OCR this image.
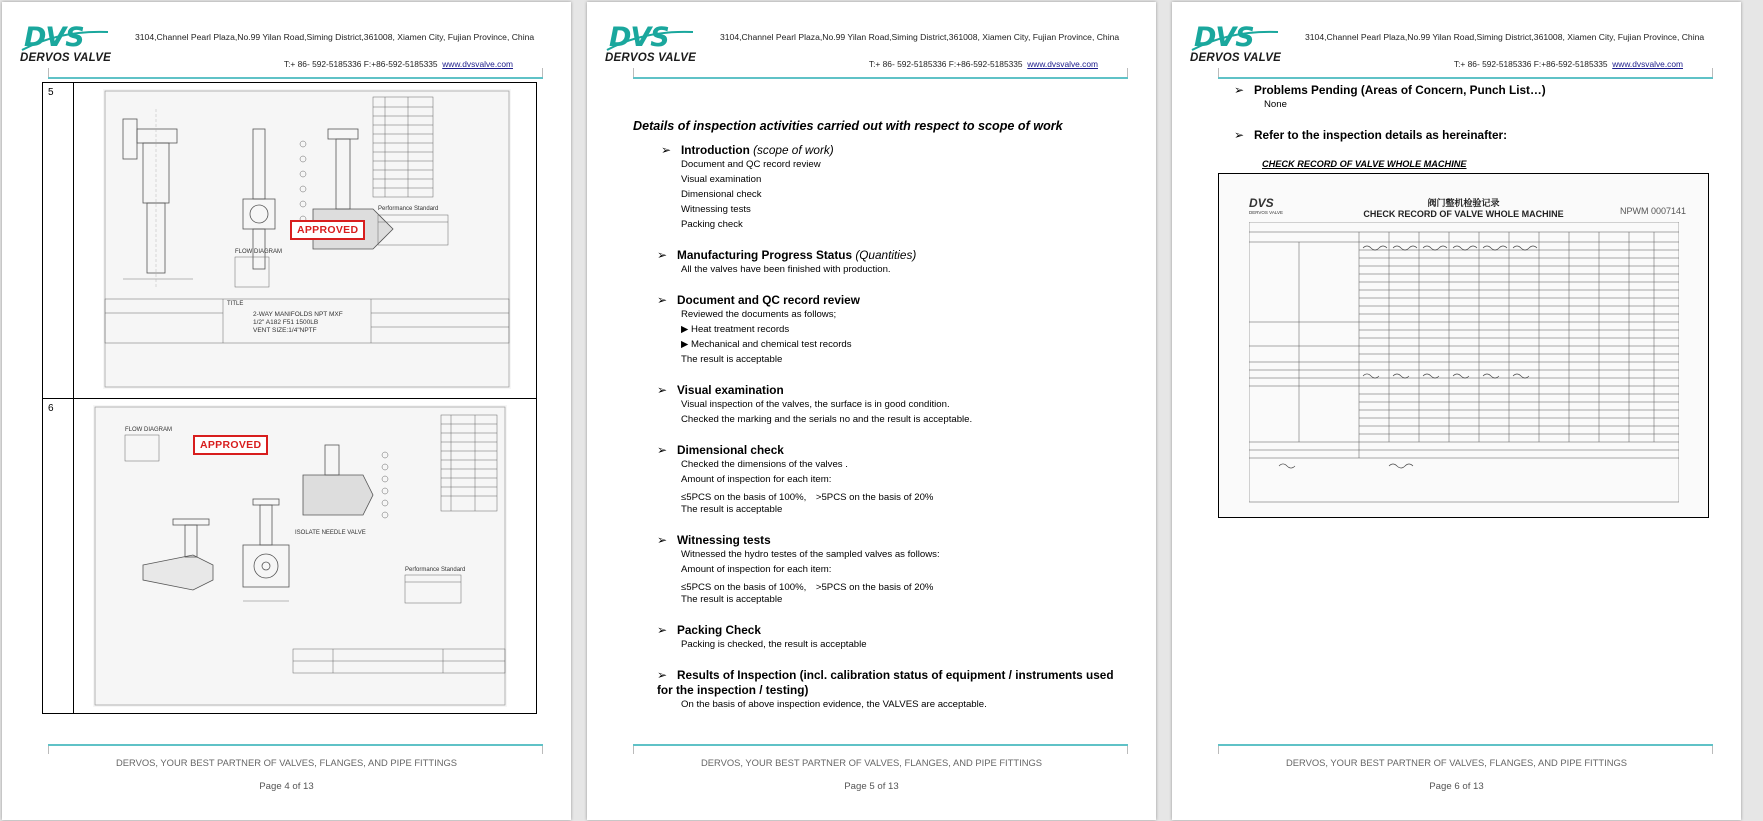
DVS
DERVOS VALVE
3104,Channel Pearl Plaza,No.99 Yilan Road,Siming District,361008, Xiamen City, Fujian Province, China
T:+ 86- 592-5185336 F:+86-592-5185335 www.dvsvalve.com
5
6
Performance Standard
FLOW DIAGRAM
TITLE
2-WAY MANIFOLDS NPT MXF
1/2" A182 F51 1500LB
VENT SIZE:1/4"NPTF
APPROVED
FLOW DIAGRAM
ISOLATE NEEDLE VALVE
Performance Standard
APPROVED
DERVOS, YOUR BEST PARTNER OF VALVES, FLANGES, AND PIPE FITTINGS
Page 4 of 13
DVS
DERVOS VALVE
3104,Channel Pearl Plaza,No.99 Yilan Road,Siming District,361008, Xiamen City, Fujian Province, China
T:+ 86- 592-5185336 F:+86-592-5185335 www.dvsvalve.com
Details of inspection activities carried out with respect to scope of work
➢ Introduction (scope of work)
Document and QC record review
Visual examination
Dimensional check
Witnessing tests
Packing check
➢ Manufacturing Progress Status (Quantities)
All the valves have been finished with production.
➢ Document and QC record review
Reviewed the documents as follows;
▶ Heat treatment records
▶ Mechanical and chemical test records
The result is acceptable
➢ Visual examination
Visual inspection of the valves, the surface is in good condition.
Checked the marking and the serials no and the result is acceptable.
➢ Dimensional check
Checked the dimensions of the valves .
Amount of inspection for each item:
≤5PCS on the basis of 100%,　>5PCS on the basis of 20%
The result is acceptable
➢ Witnessing tests
Witnessed the hydro testes of the sampled valves as follows:
Amount of inspection for each item:
≤5PCS on the basis of 100%,　>5PCS on the basis of 20%
The result is acceptable
➢ Packing Check
Packing is checked, the result is acceptable
➢ Results of Inspection (incl. calibration status of equipment / instruments used
for the inspection / testing)
On the basis of above inspection evidence, the VALVES are acceptable.
DERVOS, YOUR BEST PARTNER OF VALVES, FLANGES, AND PIPE FITTINGS
Page 5 of 13
DVS
DERVOS VALVE
3104,Channel Pearl Plaza,No.99 Yilan Road,Siming District,361008, Xiamen City, Fujian Province, China
T:+ 86- 592-5185336 F:+86-592-5185335 www.dvsvalve.com
➢ Problems Pending (Areas of Concern, Punch List…)
None
➢ Refer to the inspection details as hereinafter:
CHECK RECORD OF VALVE WHOLE MACHINE
DVS
DERVOS VALVE
阀门整机检验记录
CHECK RECORD OF VALVE WHOLE MACHINE	NPWM 0007141
DERVOS, YOUR BEST PARTNER OF VALVES, FLANGES, AND PIPE FITTINGS
Page 6 of 13
